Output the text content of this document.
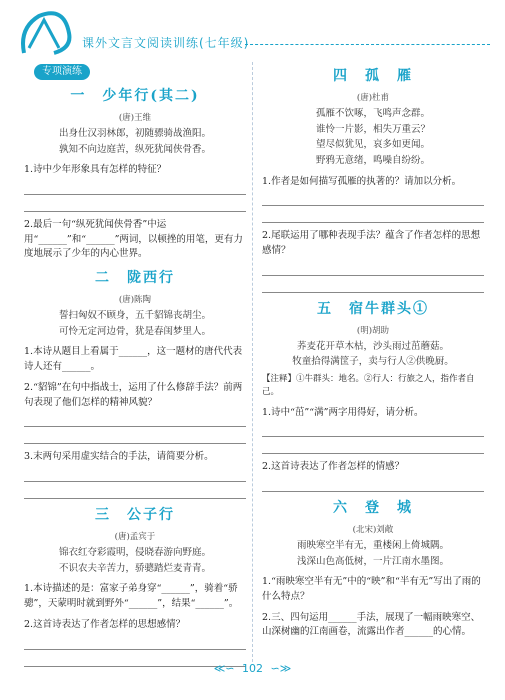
课外文言文阅读训练(七年级)
专项演练
一　少年行(其二)
(唐)王维
出身仕汉羽林郎，初随骠骑战渔阳。
孰知不向边庭苦，纵死犹闻侠骨香。
1.诗中少年形象具有怎样的特征？
2.最后一句“纵死犹闻侠骨香”中运用“______”和“______”两词，以顿挫的用笔，更有力度地展示了少年的内心世界。
二　陇西行
(唐)陈陶
誓扫匈奴不顾身，五千貂锦丧胡尘。
可怜无定河边骨，犹是春闺梦里人。
1.本诗从题目上看属于______，这一题材的唐代代表诗人还有______。
2.“貂锦”在句中指战士，运用了什么修辞手法？前两句表现了他们怎样的精神风貌？
3.末两句采用虚实结合的手法，请简要分析。
三　公子行
(唐)孟宾于
锦衣红夺彩霞明，侵晓春游向野庭。
不识农夫辛苦力，骄骢踏烂麦青青。
1.本诗描述的是：富家子弟身穿“______”，骑着“骄骢”，天蒙明时就到野外“______”，结果“______”。
2.这首诗表达了作者怎样的思想感情？
四　孤　雁
(唐)杜甫
孤雁不饮啄，飞鸣声念群。
谁怜一片影，相失万重云？
望尽似犹见，哀多如更闻。
野鸦无意绪，鸣噪自纷纷。
1.作者是如何描写孤雁的执著的？请加以分析。
2.尾联运用了哪种表现手法？蕴含了作者怎样的思想感情？
五　宿牛群头①
(明)胡助
荞麦花开草木枯，沙头雨过茁蘑菇。
牧童拾得满筐子，卖与行人②供晚厨。
【注释】①牛群头：地名。②行人：行旅之人，指作者自己。
1.诗中“茁”“满”两字用得好，请分析。
2.这首诗表达了作者怎样的情感？
六　登　城
(北宋)刘敞
雨映寒空半有无，重楼闲上倚城隅。
浅深山色高低树，一片江南水墨图。
1.“雨映寒空半有无”中的“映”和“半有无”写出了雨的什么特点？
2.三、四句运用______手法，展现了一幅雨映寒空、山深树幽的江南画卷，流露出作者______的心情。
≪∽ 102 ∽≫
